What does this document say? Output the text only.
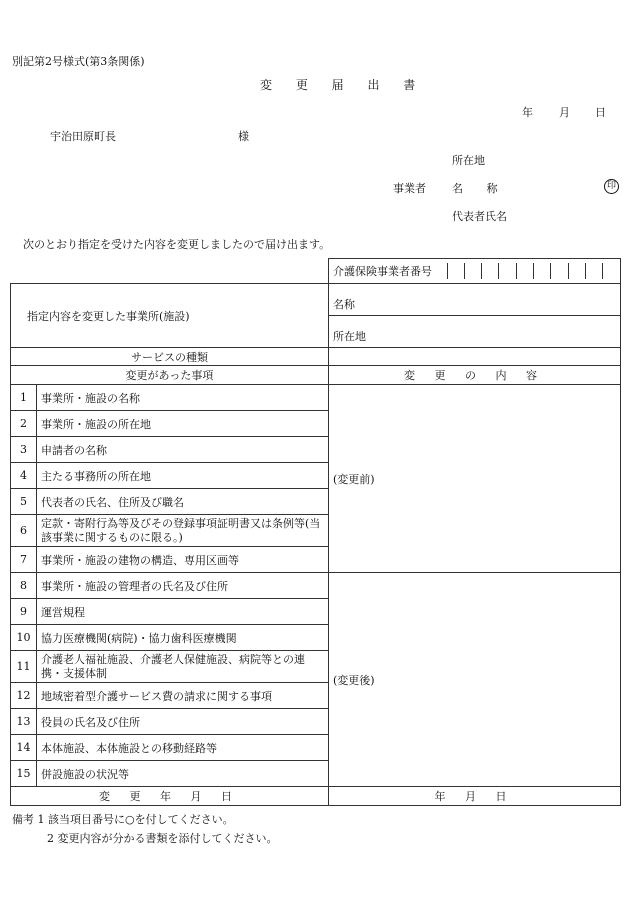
別記第2号様式(第3条関係)
変 更 届 出 書
年 月 日
宇治田原町長	様
所在地
事業者 名 称	印
代表者氏名
次のとおり指定を受けた内容を変更しましたので届け出ます。

介護保険事業者番号										

指定内容を変更した事業所(施設)	名称
所在地
サービスの種類	
変更があった事項	変 更 の 内 容
1	事業所・施設の名称	(変更前)
2	事業所・施設の所在地
3	申請者の名称
4	主たる事務所の所在地
5	代表者の氏名、住所及び職名
6	定款・寄附行為等及びその登録事項証明書又は条例等(当該事業に関するものに限る。)
7	事業所・施設の建物の構造、専用区画等
8	事業所・施設の管理者の氏名及び住所	(変更後)
9	運営規程
10	協力医療機関(病院)・協力歯科医療機関
11	介護老人福祉施設、介護老人保健施設、病院等との連携・支援体制
12	地域密着型介護サービス費の請求に関する事項
13	役員の氏名及び住所
14	本体施設、本体施設との移動経路等
15	併設施設の状況等
変 更 年 月 日	年 月 日
備考 1 該当項目番号に○を付してください。
2 変更内容が分かる書類を添付してください。
